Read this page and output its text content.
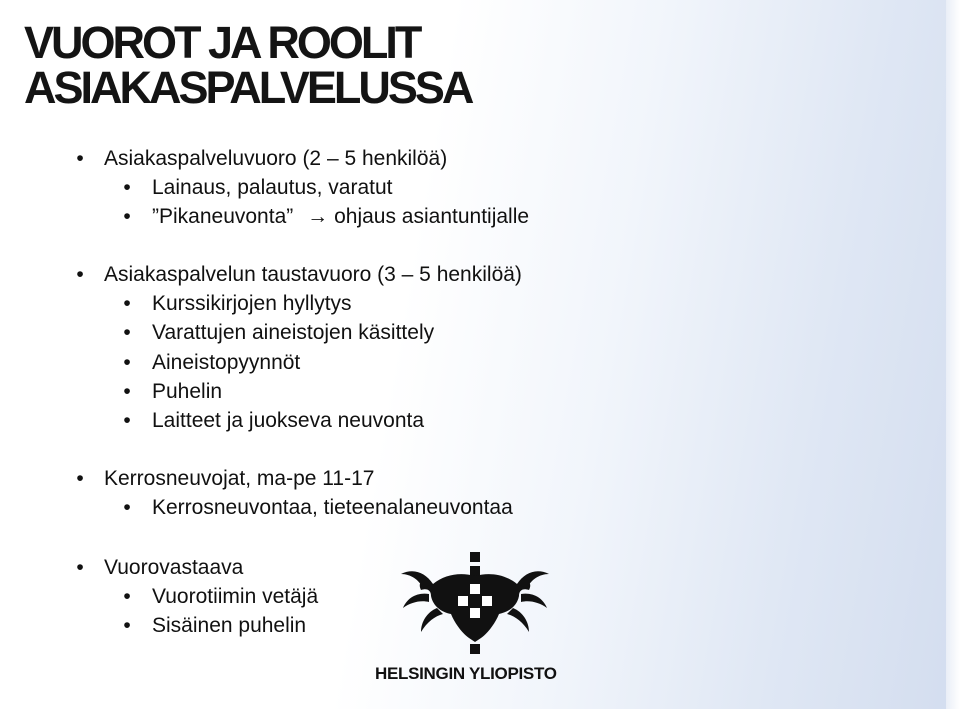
VUOROT JA ROOLIT
ASIAKASPALVELUSSA
• Asiakaspalveluvuoro (2 – 5 henkilöä)
• Lainaus, palautus, varatut
• ”Pikaneuvonta” → ohjaus asiantuntijalle
• Asiakaspalvelun taustavuoro (3 – 5 henkilöä)
• Kurssikirjojen hyllytys
• Varattujen aineistojen käsittely
• Aineistopyynnöt
• Puhelin
• Laitteet ja juokseva neuvonta
• Kerrosneuvojat, ma-pe 11-17
• Kerrosneuvontaa, tieteenalaneuvontaa
• Vuorovastaava
• Vuorotiimin vetäjä
• Sisäinen puhelin
HELSINGIN YLIOPISTO
